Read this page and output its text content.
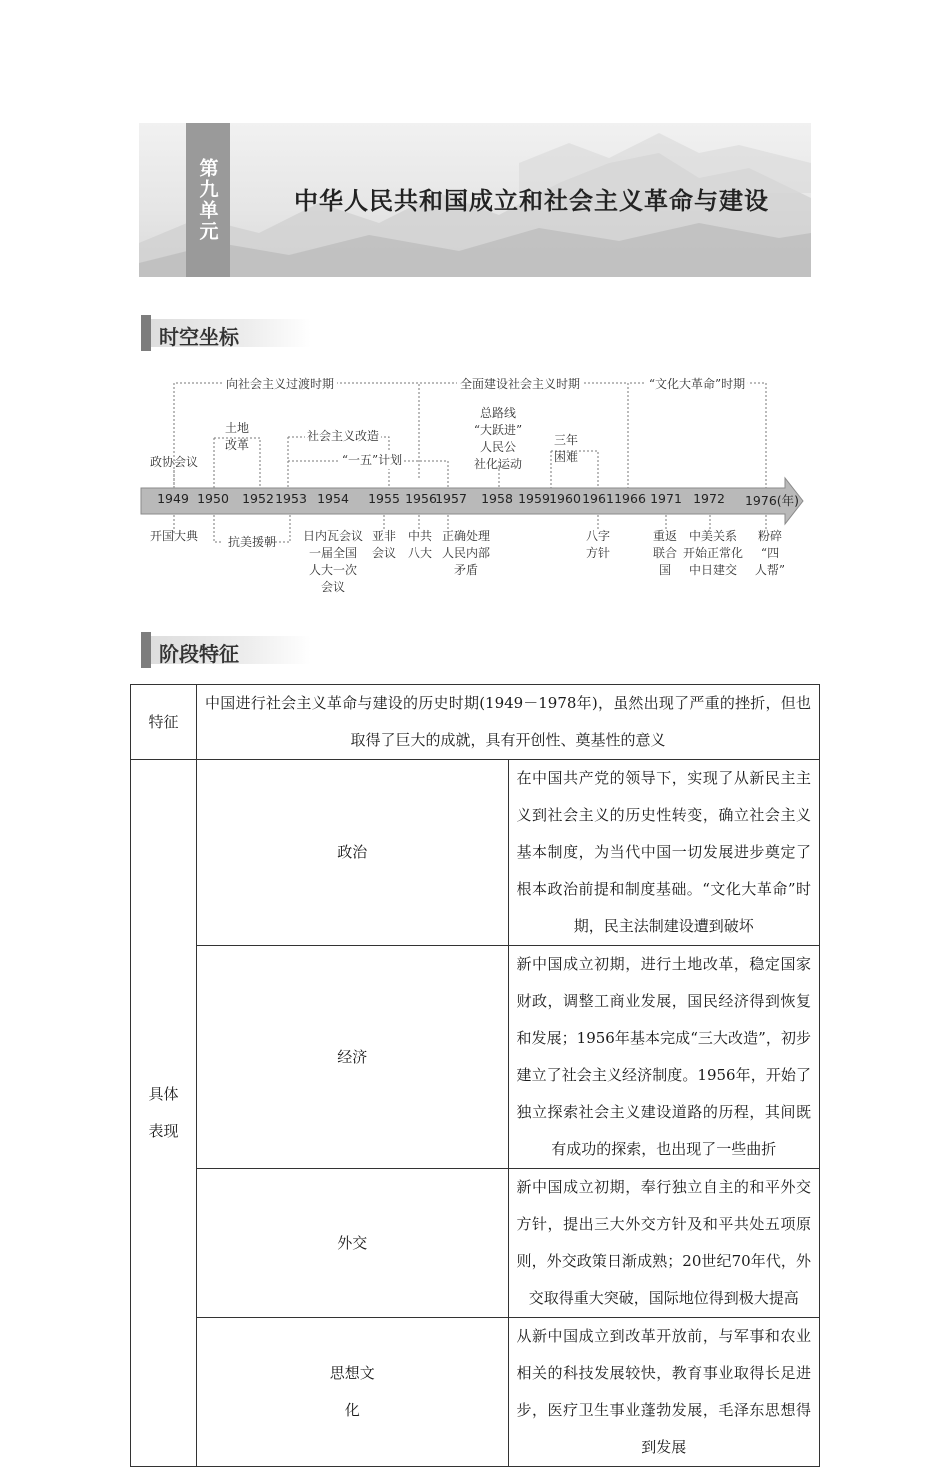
第九单元	中华人民共和国成立和社会主义革命与建设
时空坐标
向社会主义过渡时期	全面建设社会主义时期	“文化大革命”时期
1949 1950 1952 1953 1954 1955 1956
1957 1958 1959 1960 1961 1966 1971 1972 1976(年)
政协会议
土地
改革
社会主义改造
“一五”计划
总路线
“大跃进”
人民公
社化运动
三年
困难
开国大典 抗美援朝 日内瓦会议
一届全国
人大一次
会议
亚非
会议
中共
八大
正确处理
人民内部
矛盾
八字
方针
重返
联合
国
中美关系
开始正常化
中日建交
粉碎
“四
人帮”
阶段特征
特征	中国进行社会主义革命与建设的历史时期(1949－1978年)，虽然出现了严重的挫折，但也取得了巨大的成就，具有开创性、奠基性的意义	
具体
表现	政治	在中国共产党的领导下，实现了从新民主主义到社会主义的历史性转变，确立社会主义基本制度，为当代中国一切发展进步奠定了根本政治前提和制度基础。“文化大革命”时期，民主法制建设遭到破坏
	经济	新中国成立初期，进行土地改革，稳定国家财政，调整工商业发展，国民经济得到恢复和发展；1956年基本完成“三大改造”，初步建立了社会主义经济制度。1956年，开始了独立探索社会主义建设道路的历程，其间既有成功的探索，也出现了一些曲折
	外交	新中国成立初期，奉行独立自主的和平外交方针，提出三大外交方针及和平共处五项原则，外交政策日渐成熟；20世纪70年代，外交取得重大突破，国际地位得到极大提高
	思想文
化	从新中国成立到改革开放前，与军事和农业相关的科技发展较快，教育事业取得长足进步，医疗卫生事业蓬勃发展，毛泽东思想得到发展
